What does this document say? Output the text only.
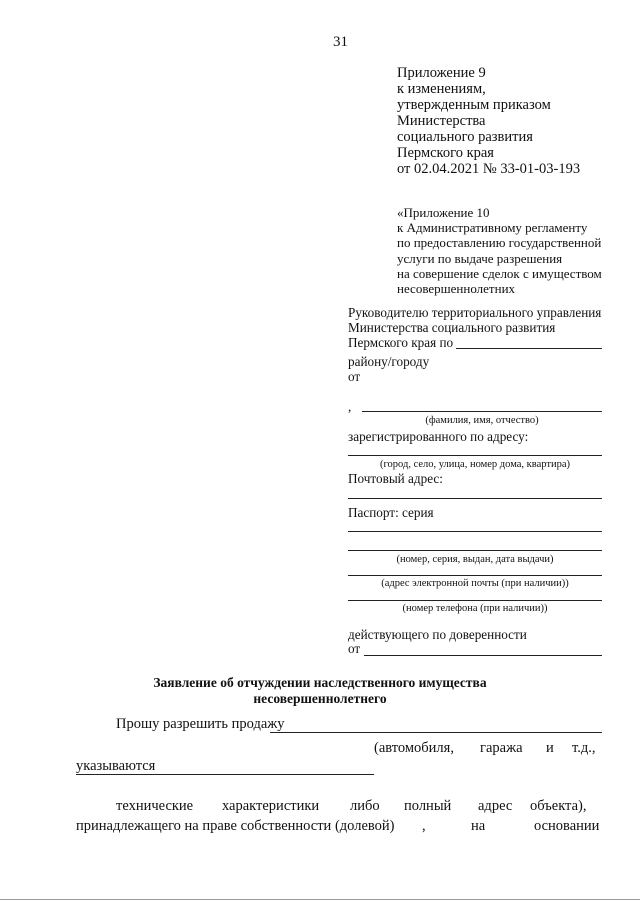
31
Приложение 9
к изменениям,
утвержденным приказом
Министерства
социального развития
Пермского края
от 02.04.2021 № 33-01-03-193
«Приложение 10
к Административному регламенту
по предоставлению государственной
услуги по выдаче разрешения
на совершение сделок с имуществом
несовершеннолетних
Руководителю территориального управления
Министерства социального развития
Пермского края по
району/городу
от
,
(фамилия, имя, отчество)
зарегистрированного по адресу:
(город, село, улица, номер дома, квартира)
Почтовый адрес:
Паспорт: серия
(номер, серия, выдан, дата выдачи)
(адрес электронной почты (при наличии))
(номер телефона (при наличии))
действующего по доверенности
от
Заявление об отчуждении наследственного имущества
несовершеннолетнего
Прошу разрешить продажу
(автомобиля, гаража и т.д.,
указываются
технические характеристики либо полный адрес объекта),
принадлежащего на праве собственности (долевой) ,	на	основании
